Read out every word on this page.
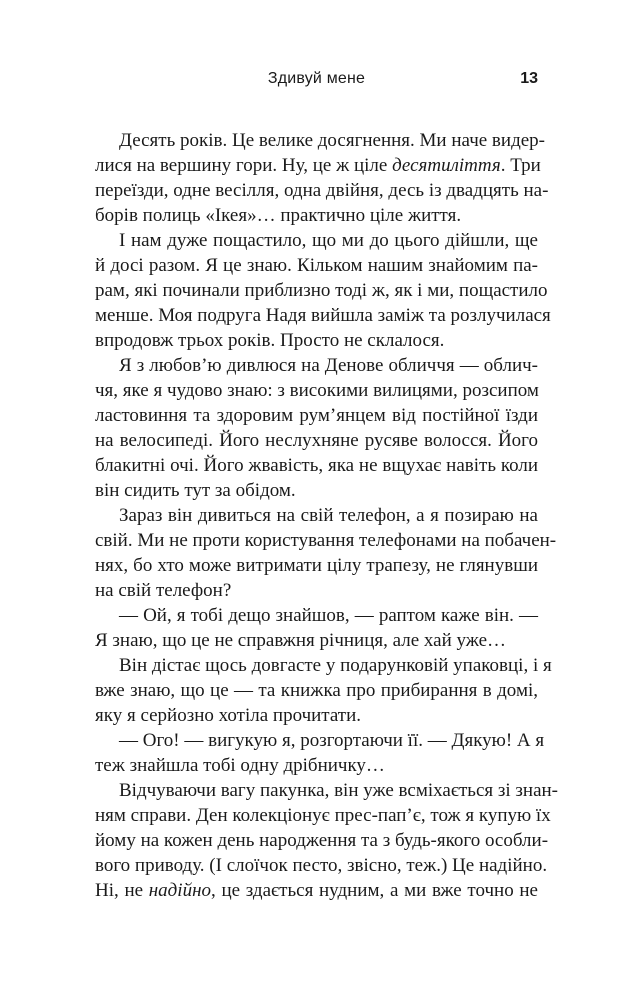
Здивуй мене	13
Десять років. Це велике досягнення. Ми наче видер-
лися на вершину гори. Ну, це ж ціле десятиліття. Три
переїзди, одне весілля, одна двійня, десь із двадцять на-
борів полиць «Ікея»… практично ціле життя.
І нам дуже пощастило, що ми до цього дійшли, ще
й досі разом. Я це знаю. Кільком нашим знайомим па-
рам, які починали приблизно тоді ж, як і ми, пощастило
менше. Моя подруга Надя вийшла заміж та розлучилася
впродовж трьох років. Просто не склалося.
Я з любов’ю дивлюся на Денове обличчя — облич-
чя, яке я чудово знаю: з високими вилицями, розсипом
ластовиння та здоровим рум’янцем від постійної їзди
на велосипеді. Його неслухняне русяве волосся. Його
блакитні очі. Його жвавість, яка не вщухає навіть коли
він сидить тут за обідом.
Зараз він дивиться на свій телефон, а я позираю на
свій. Ми не проти користування телефонами на побачен-
нях, бо хто може витримати цілу трапезу, не глянувши
на свій телефон?
— Ой, я тобі дещо знайшов, — раптом каже він. —
Я знаю, що це не справжня річниця, але хай уже…
Він дістає щось довгасте у подарунковій упаковці, і я
вже знаю, що це — та книжка про прибирання в домі,
яку я серйозно хотіла прочитати.
— Ого! — вигукую я, розгортаючи її. — Дякую! А я
теж знайшла тобі одну дрібничку…
Відчуваючи вагу пакунка, він уже всміхається зі знан-
ням справи. Ден колекціонує прес-пап’є, тож я купую їх
йому на кожен день народження та з будь-якого особли-
вого приводу. (І слоїчок песто, звісно, теж.) Це надійно.
Ні, не надійно, це здається нудним, а ми вже точно не
